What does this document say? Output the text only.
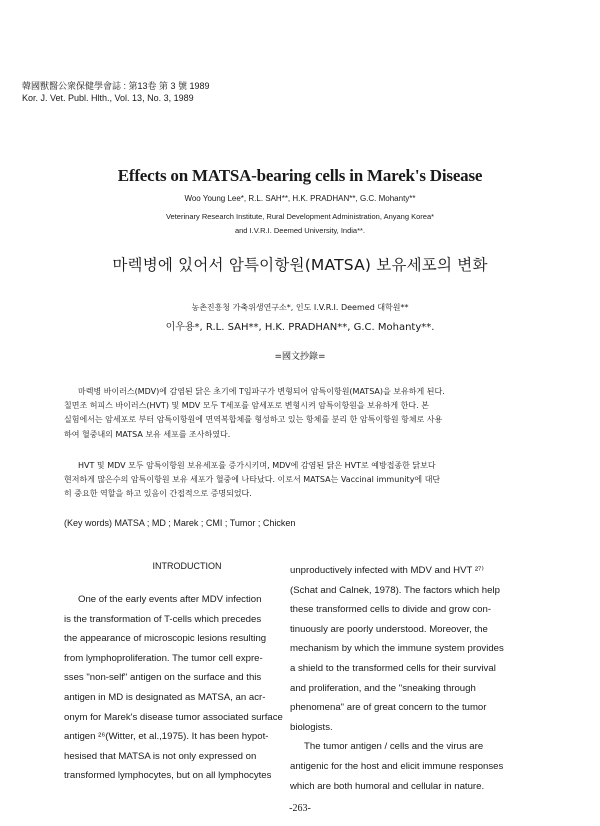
韓國獸醫公衆保健學會誌 : 第13卷 第 3 號 1989
Kor. J. Vet. Publ. Hlth., Vol. 13, No. 3, 1989
Effects on MATSA-bearing cells in Marek's Disease
Woo Young Lee*, R.L. SAH**, H.K. PRADHAN**, G.C. Mohanty**
Veterinary Research Institute, Rural Development Administration, Anyang Korea*
and I.V.R.I. Deemed University, India**.
마렉병에 있어서 암특이항원(MATSA) 보유세포의 변화
농촌진흥청 가축위생연구소*, 인도 I.V.R.I. Deemed 대학원**
이우용*, R.L. SAH**, H.K. PRADHAN**, G.C. Mohanty**.
=國文抄錄=
마렉병 바이러스(MDV)에 감염된 닭은 초기에 T임파구가 변형되어 암특이항원(MATSA)을 보유하게 된다.
칠면조 허피스 바이러스(HVT) 및 MDV 모두 T세포를 암세포로 변형시켜 암특이항원을 보유하게 한다. 본
실험에서는 암세포로 부터 암특이항원에 면역복합체를 형성하고 있는 항체를 분리 한 암특이항원 항체로 사용
하여 혈중내의 MATSA 보유 세포를 조사하였다.
HVT 및 MDV 모두 암특이항원 보유세포를 증가시키며, MDV에 감염된 닭은 HVT로 예방접종한 닭보다
현저하게 많은수의 암특이항원 보유 세포가 혈중에 나타났다. 이로서 MATSA는 Vaccinal immunity에 대단
히 중요한 역할을 하고 있음이 간접적으로 증명되었다.
(Key words) MATSA ; MD ; Marek ; CMI ; Tumor ; Chicken
INTRODUCTION
One of the early events after MDV infection
is the transformation of T-cells which precedes
the appearance of microscopic lesions resulting
from lymphoproliferation. The tumor cell expre-
sses "non-self" antigen on the surface and this
antigen in MD is designated as MATSA, an acr-
onym for Marek's disease tumor associated surface
antigen ²⁶(Witter, et al.,1975). It has been hypot-
hesised that MATSA is not only expressed on
transformed lymphocytes, but on all lymphocytes
unproductively infected with MDV and HVT ²⁷⁾
(Schat and Calnek, 1978). The factors which help
these transformed cells to divide and grow con-
tinuously are poorly understood. Moreover, the
mechanism by which the immune system provides
a shield to the transformed cells for their survival
and proliferation, and the "sneaking through
phenomena" are of great concern to the tumor
biologists.
The tumor antigen / cells and the virus are
antigenic for the host and elicit immune responses
which are both humoral and cellular in nature.
-263-
